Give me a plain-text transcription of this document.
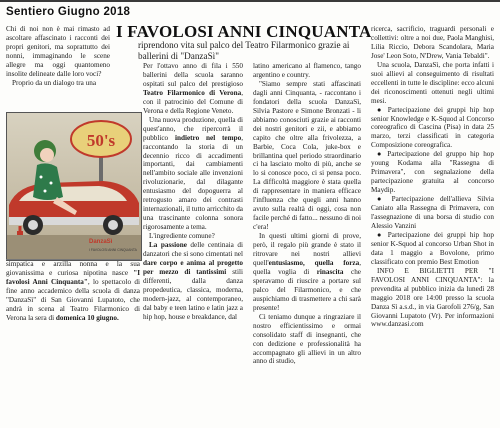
Sentiero Giugno 2018

Chi di noi non è mai rimasto ad ascoltare affascinato i racconti dei propri genitori, ma soprattutto dei nonni, immaginando le scene allegre ma oggi quantomeno insolite delineate dalle loro voci?

Proprio da un dialogo tra una

I FAVOLOSI ANNI CINQUANTA
riprendono vita sul palco del Teatro Filarmonico grazie ai ballerini di "DanzaSì"
50's
DanzaSì
I FAVOLOSI ANNI CINQUANTA

simpatica e arzilla nonna e la sua giovanissima e curiosa nipotina nasce "I favolosi Anni Cinquanta", lo spettacolo di fine anno accademico della scuola di danza "DanzaSì" di San Giovanni Lupatoto, che andrà in scena al Teatro Filarmonico di Verona la sera di domenica 10 giugno.

Per l'ottavo anno di fila i 550 ballerini della scuola saranno ospitati sul palco del prestigioso Teatro Filarmonico di Verona, con il patrocinio del Comune di Verona e della Regione Veneto.

Una nuova produzione, quella di quest'anno, che ripercorrà il pubblico indietro nel tempo, raccontando la storia di un decennio ricco di accadimenti importanti, dai cambiamenti nell'ambito sociale alle invenzioni rivoluzionarie, dal dilagante entusiasmo del dopoguerra al retrogusto amaro dei contrasti internazionali, il tutto arricchito da una trascinante colonna sonora rigorosamente a tema.

L'ingrediente comune?

La passione delle centinaia di danzatori che si sono cimentati nel dare corpo e anima al progetto per mezzo di tantissimi stili differenti, dalla danza propedeutica, classica, moderna, modern-jazz, al contemporaneo, dal baby e teen latino e latin jazz a hip hop, house e breakdance, dal

latino americano al flamenco, tango argentino e country.

"Siamo sempre stati affascinati dagli anni Cinquanta, - raccontano i fondatori della scuola DanzaSì, Silvia Pastore e Simone Bronzati - li abbiamo conosciuti grazie ai racconti dei nostri genitori e zii, e abbiamo capito che oltre alla frivolezza, a Barbie, Coca Cola, juke-box e brillantina quel periodo straordinario ci ha lasciato molto di più, anche se lo si conosce poco, ci si pensa poco. La difficoltà maggiore è stata quella di rappresentare in maniera efficace l'influenza che quegli anni hanno avuto sulla realtà di oggi, cosa non facile perché di fatto... nessuno di noi c'era!

In questi ultimi giorni di prove, però, il regalo più grande è stato il ritrovare nei nostri allievi quell'entusiasmo, quella forza, quella voglia di rinascita che speravamo di riuscire a portare sul palco del Filarmonico, e che auspichiamo di trasmettere a chi sarà presente!

Ci teniamo dunque a ringraziare il nostro efficientissimo e ormai consolidato staff di insegnanti, che con dedizione e professionalità ha accompagnato gli allievi in un altro anno di studio,

ricerca, sacrificio, traguardi personali e collettivi: oltre a noi due, Paola Manghisi, Lilia Riccio, Debora Scandolara, Maria Jose' Leon Soto, N'Drew, Vania Tebaldi".

Una scuola, DanzaSì, che porta infatti i suoi allievi al conseguimento di risultati eccellenti in tutte le discipline: ecco alcuni dei riconoscimenti ottenuti negli ultimi mesi.

● Partecipazione dei gruppi hip hop senior Knowledge e K-Squod al Concorso coreografico di Cascina (Pisa) in data 25 marzo, terzi classificati in categoria Composizione coreografica.

● Partecipazione del gruppo hip hop young Kodama alla "Rassegna di Primavera", con segnalazione della partecipazione gratuita al concorso Maydip.

● Partecipazione dell'allieva Silvia Caniato alla Rassegna di Primavera, con l'assegnazione di una borsa di studio con Alessio Vanzini

● Partecipazione dei gruppi hip hop senior K-Squod al concorso Urban Shot in data 1 maggio a Bovolone, primo classificato con premio Best Emotion

INFO E BIGLIETTI PER "I FAVOLOSI ANNI CINQUANTA": la prevendita al pubblico inizia da lunedì 28 maggio 2018 ore 14:00 presso la scuola Danza Sì a.s.d., in via Garofoli 276/g, San Giovanni Lupatoto (Vr). Per informazioni www.danzasi.com
